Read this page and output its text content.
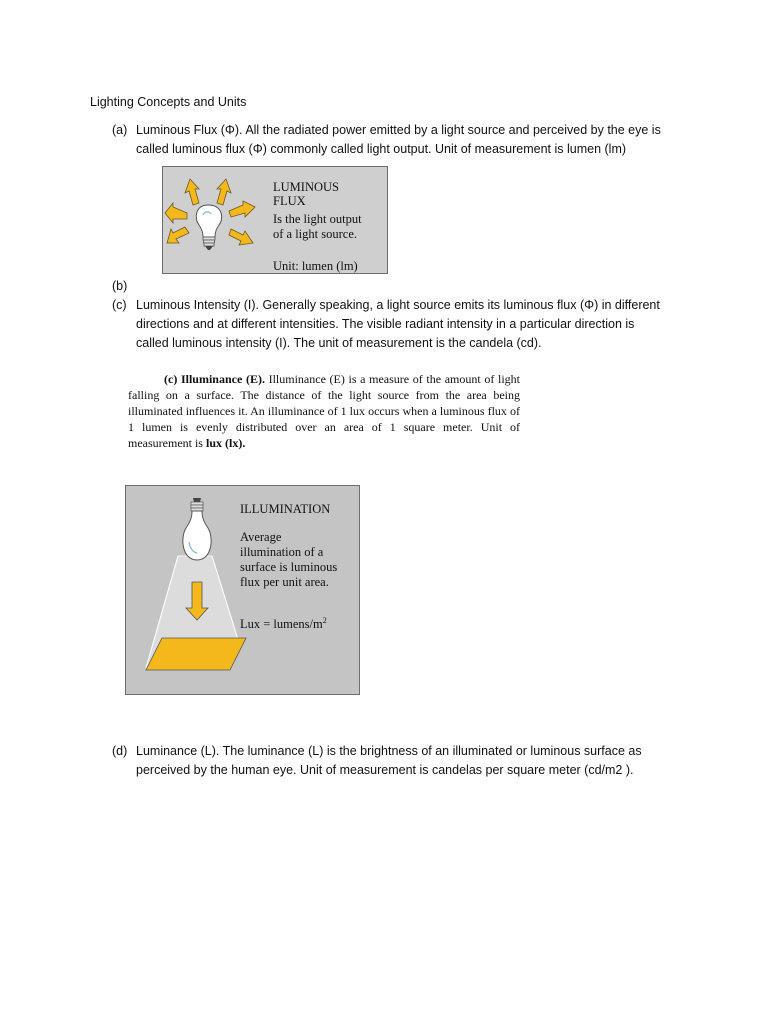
Lighting Concepts and Units
(a) Luminous Flux (Φ). All the radiated power emitted by a light source and perceived by the eye is
called luminous flux (Φ) commonly called light output. Unit of measurement is lumen (lm)
LUMINOUS
FLUX
Is the light output
of a light source.
Unit: lumen (lm)
(b)
(c) Luminous Intensity (I). Generally speaking, a light source emits its luminous flux (Φ) in different
directions and at different intensities. The visible radiant intensity in a particular direction is
called luminous intensity (I). The unit of measurement is the candela (cd).
(c) Illuminance (E). Illuminance (E) is a measure of the amount of light falling on a surface. The distance of the light source from the area being illuminated influences it. An illuminance of 1 lux occurs when a luminous flux of 1 lumen is evenly distributed over an area of 1 square meter. Unit of measurement is lux (lx).
ILLUMINATION
Average
illumination of a
surface is luminous
flux per unit area.
Lux = lumens/$m^2$
(d) Luminance (L). The luminance (L) is the brightness of an illuminated or luminous surface as
perceived by the human eye. Unit of measurement is candelas per square meter (cd/m2 ).
